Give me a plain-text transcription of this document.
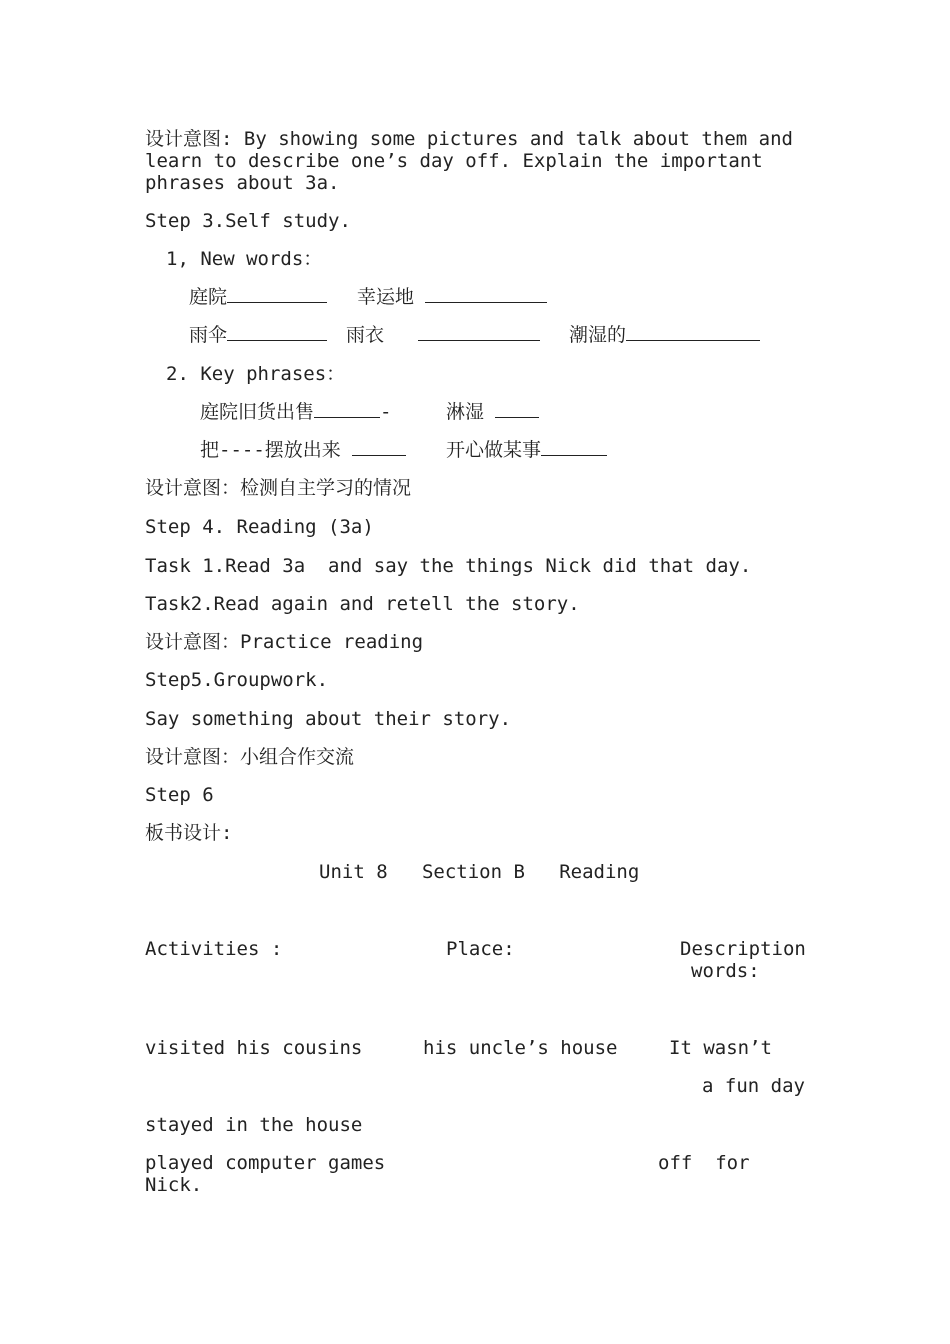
设计意图: By showing some pictures and talk about them and learn to describe one’s day off. Explain the important phrases about 3a.
Step 3.Self study.
1, New words：
庭院	幸运地
雨伞	雨衣	潮湿的
2. Key phrases：
庭院旧货出售	-	淋湿
把----摆放出来	开心做某事
设计意图：检测自主学习的情况
Step 4. Reading (3a)
Task 1.Read 3a  and say the things Nick did that day.
Task2.Read again and retell the story.
设计意图：Practice reading
Step5.Groupwork.
Say something about their story.
设计意图：小组合作交流
Step 6
板书设计:
Unit 8   Section B   Reading
Activities :	Place:	Description
words:
visited his cousins	his uncle’s house	It wasn’t
a fun day
stayed in the house
played computer games	off  for
Nick.
